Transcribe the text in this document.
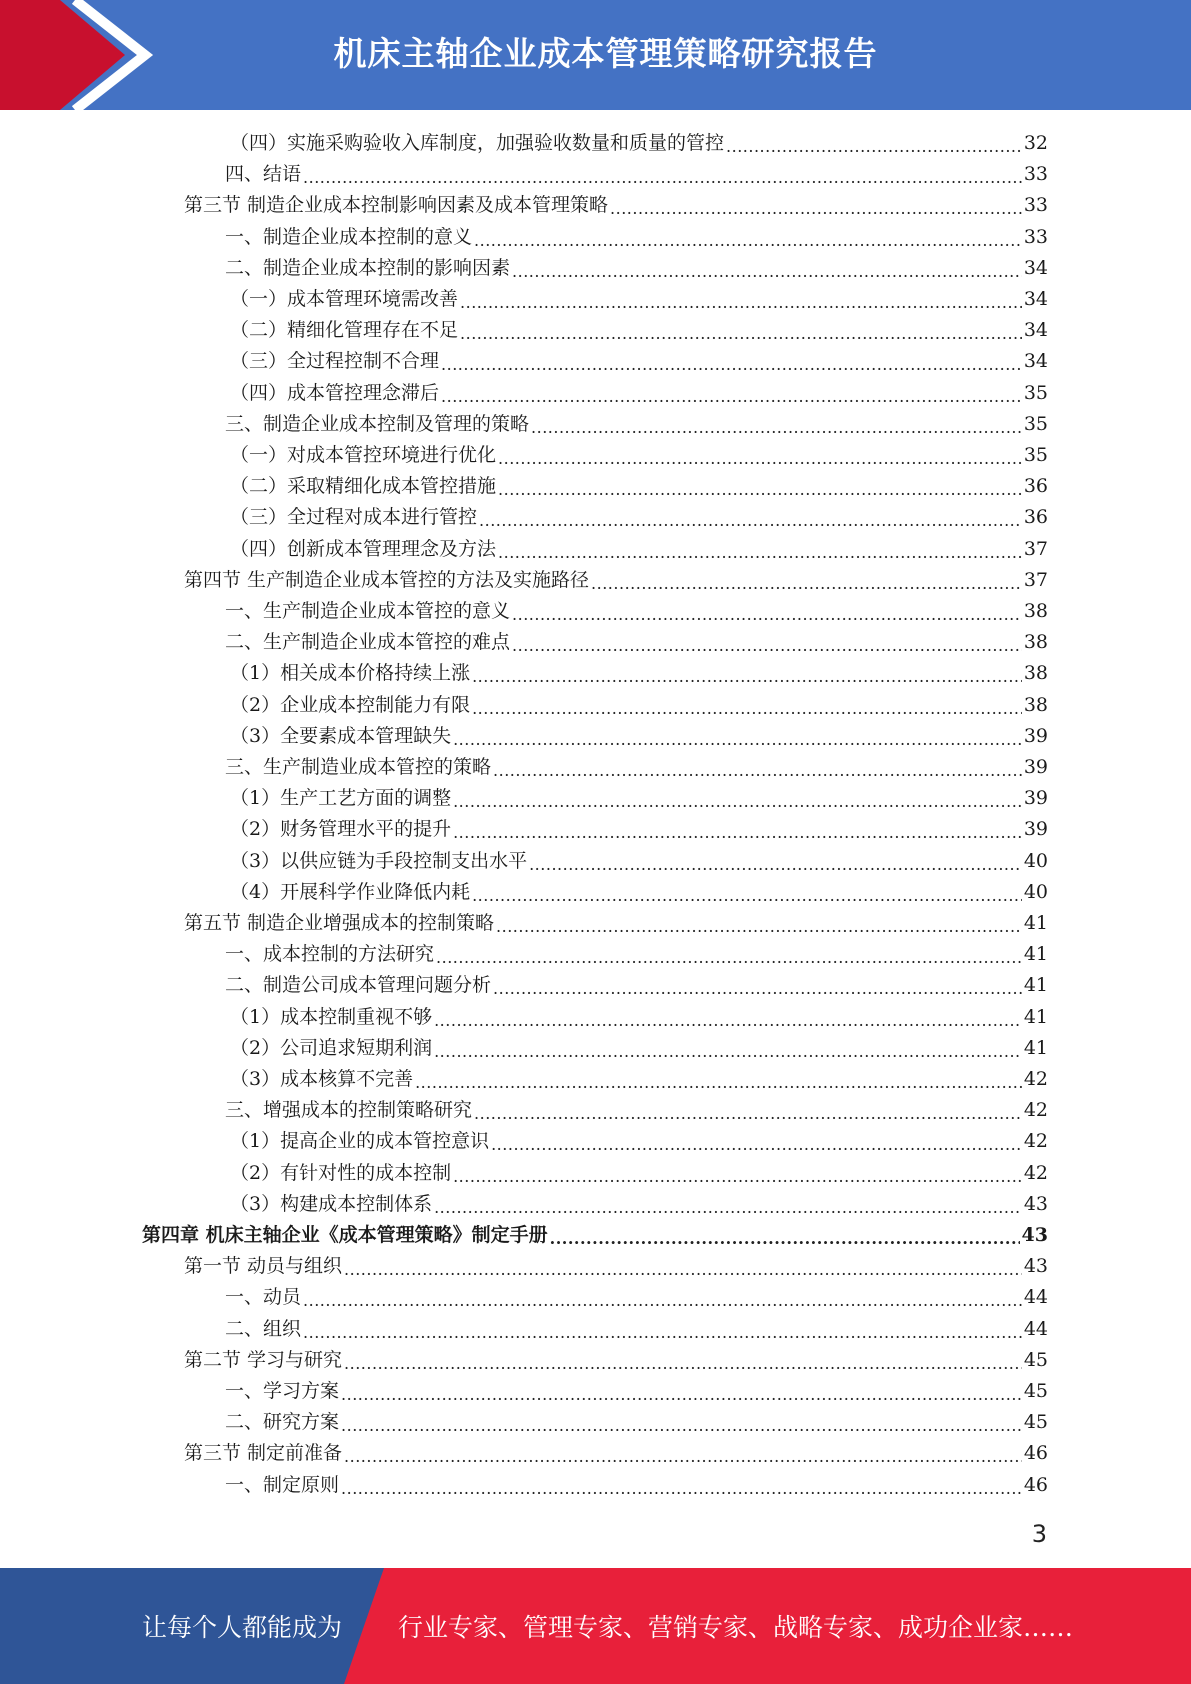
机床主轴企业成本管理策略研究报告
（四）实施采购验收入库制度，加强验收数量和质量的管控 .....	32
四、结语 .....	33
第三节 制造企业成本控制影响因素及成本管理策略 .....	33
一、制造企业成本控制的意义 .....	33
二、制造企业成本控制的影响因素 .....	34
（一）成本管理环境需改善 .....	34
（二）精细化管理存在不足 .....	34
（三）全过程控制不合理 .....	34
（四）成本管控理念滞后 .....	35
三、制造企业成本控制及管理的策略 .....	35
（一）对成本管控环境进行优化 .....	35
（二）采取精细化成本管控措施 .....	36
（三）全过程对成本进行管控 .....	36
（四）创新成本管理理念及方法 .....	37
第四节 生产制造企业成本管控的方法及实施路径 .....	37
一、生产制造企业成本管控的意义 .....	38
二、生产制造企业成本管控的难点 .....	38
（1）相关成本价格持续上涨 .....	38
（2）企业成本控制能力有限 .....	38
（3）全要素成本管理缺失 .....	39
三、生产制造业成本管控的策略 .....	39
（1）生产工艺方面的调整 .....	39
（2）财务管理水平的提升 .....	39
（3）以供应链为手段控制支出水平 .....	40
（4）开展科学作业降低内耗 .....	40
第五节 制造企业增强成本的控制策略 .....	41
一、成本控制的方法研究 .....	41
二、制造公司成本管理问题分析 .....	41
（1）成本控制重视不够 .....	41
（2）公司追求短期利润 .....	41
（3）成本核算不完善 .....	42
三、增强成本的控制策略研究 .....	42
（1）提高企业的成本管控意识 .....	42
（2）有针对性的成本控制 .....	42
（3）构建成本控制体系 .....	43
第四章 机床主轴企业《成本管理策略》制定手册 .....	43
第一节 动员与组织 .....	43
一、动员 .....	44
二、组织 .....	44
第二节 学习与研究 .....	45
一、学习方案 .....	45
二、研究方案 .....	45
第三节 制定前准备 .....	46
一、制定原则 .....	46
3
让每个人都能成为 行业专家、管理专家、营销专家、战略专家、成功企业家……
